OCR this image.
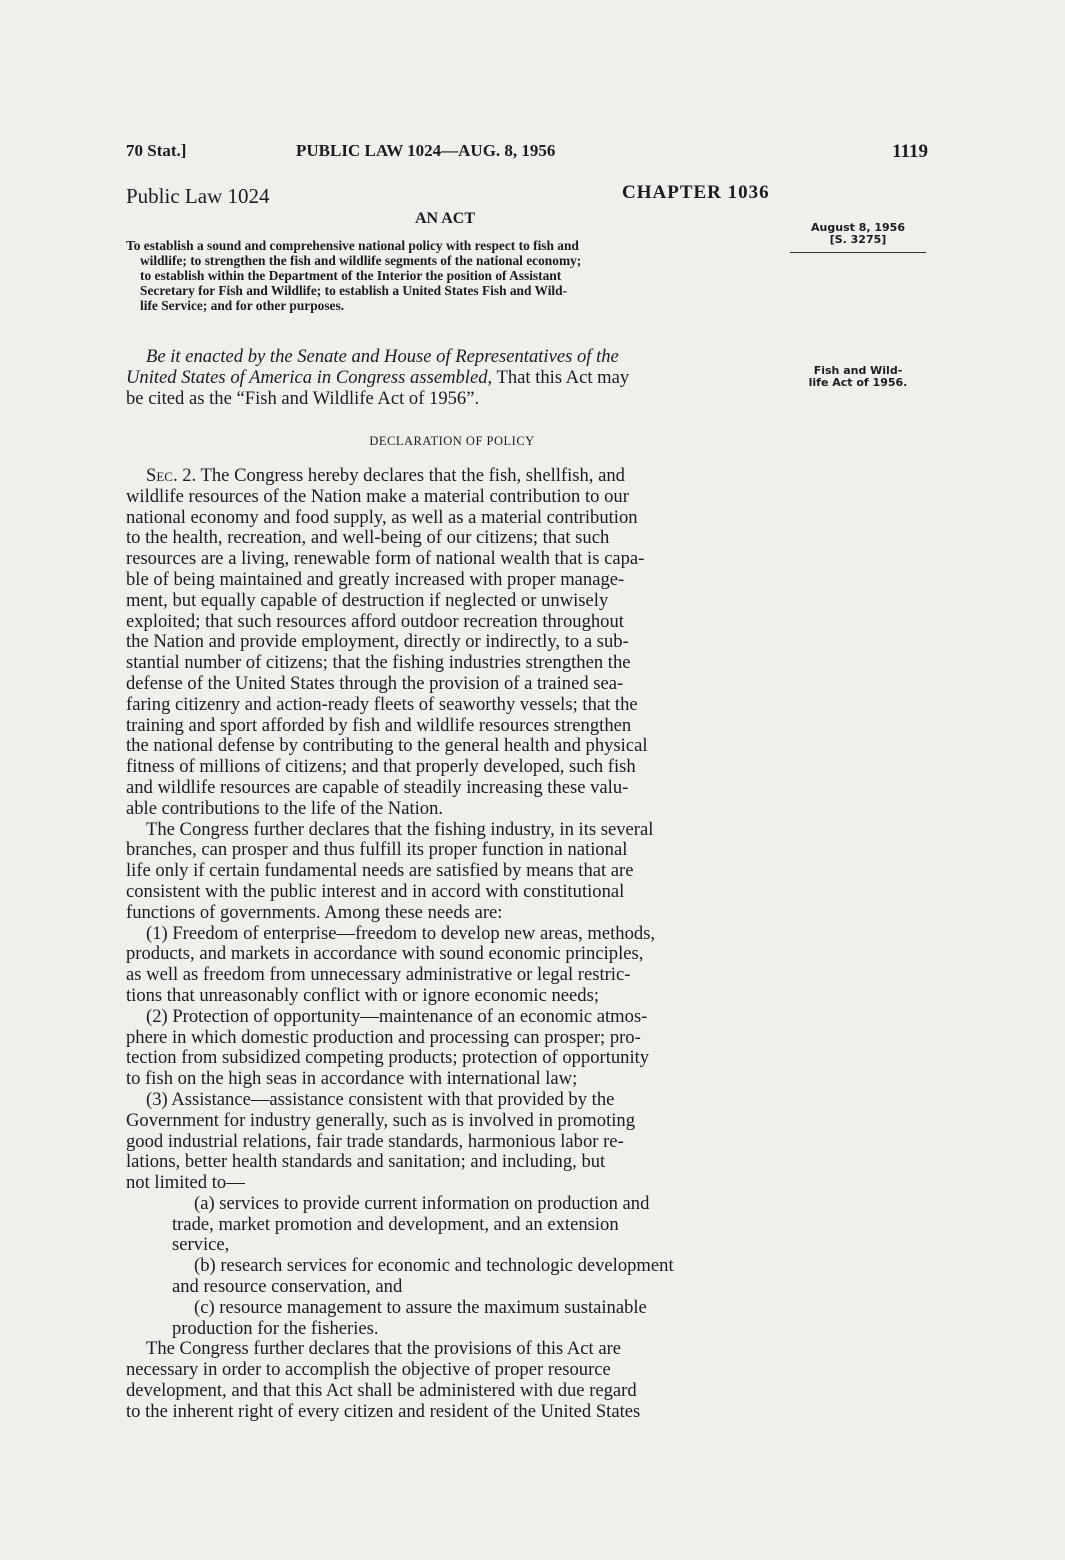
70 Stat.]	PUBLIC LAW 1024—AUG. 8, 1956	1119
Public Law 1024	CHAPTER 1036
AN ACT
To establish a sound and comprehensive national policy with respect to fish and
wildlife; to strengthen the fish and wildlife segments of the national economy;
to establish within the Department of the Interior the position of Assistant
Secretary for Fish and Wildlife; to establish a United States Fish and Wild-
life Service; and for other purposes.
August 8, 1956
[S. 3275]
Be it enacted by the Senate and House of Representatives of the
United States of America in Congress assembled, That this Act may
be cited as the “Fish and Wildlife Act of 1956”.
Fish and Wild-
life Act of 1956.
DECLARATION OF POLICY
Sec. 2. The Congress hereby declares that the fish, shellfish, and
wildlife resources of the Nation make a material contribution to our
national economy and food supply, as well as a material contribution
to the health, recreation, and well-being of our citizens; that such
resources are a living, renewable form of national wealth that is capa-
ble of being maintained and greatly increased with proper manage-
ment, but equally capable of destruction if neglected or unwisely
exploited; that such resources afford outdoor recreation throughout
the Nation and provide employment, directly or indirectly, to a sub-
stantial number of citizens; that the fishing industries strengthen the
defense of the United States through the provision of a trained sea-
faring citizenry and action-ready fleets of seaworthy vessels; that the
training and sport afforded by fish and wildlife resources strengthen
the national defense by contributing to the general health and physical
fitness of millions of citizens; and that properly developed, such fish
and wildlife resources are capable of steadily increasing these valu-
able contributions to the life of the Nation.
The Congress further declares that the fishing industry, in its several
branches, can prosper and thus fulfill its proper function in national
life only if certain fundamental needs are satisfied by means that are
consistent with the public interest and in accord with constitutional
functions of governments. Among these needs are:
(1) Freedom of enterprise—freedom to develop new areas, methods,
products, and markets in accordance with sound economic principles,
as well as freedom from unnecessary administrative or legal restric-
tions that unreasonably conflict with or ignore economic needs;
(2) Protection of opportunity—maintenance of an economic atmos-
phere in which domestic production and processing can prosper; pro-
tection from subsidized competing products; protection of opportunity
to fish on the high seas in accordance with international law;
(3) Assistance—assistance consistent with that provided by the
Government for industry generally, such as is involved in promoting
good industrial relations, fair trade standards, harmonious labor re-
lations, better health standards and sanitation; and including, but
not limited to—
(a) services to provide current information on production and
trade, market promotion and development, and an extension
service,
(b) research services for economic and technologic development
and resource conservation, and
(c) resource management to assure the maximum sustainable
production for the fisheries.
The Congress further declares that the provisions of this Act are
necessary in order to accomplish the objective of proper resource
development, and that this Act shall be administered with due regard
to the inherent right of every citizen and resident of the United States
